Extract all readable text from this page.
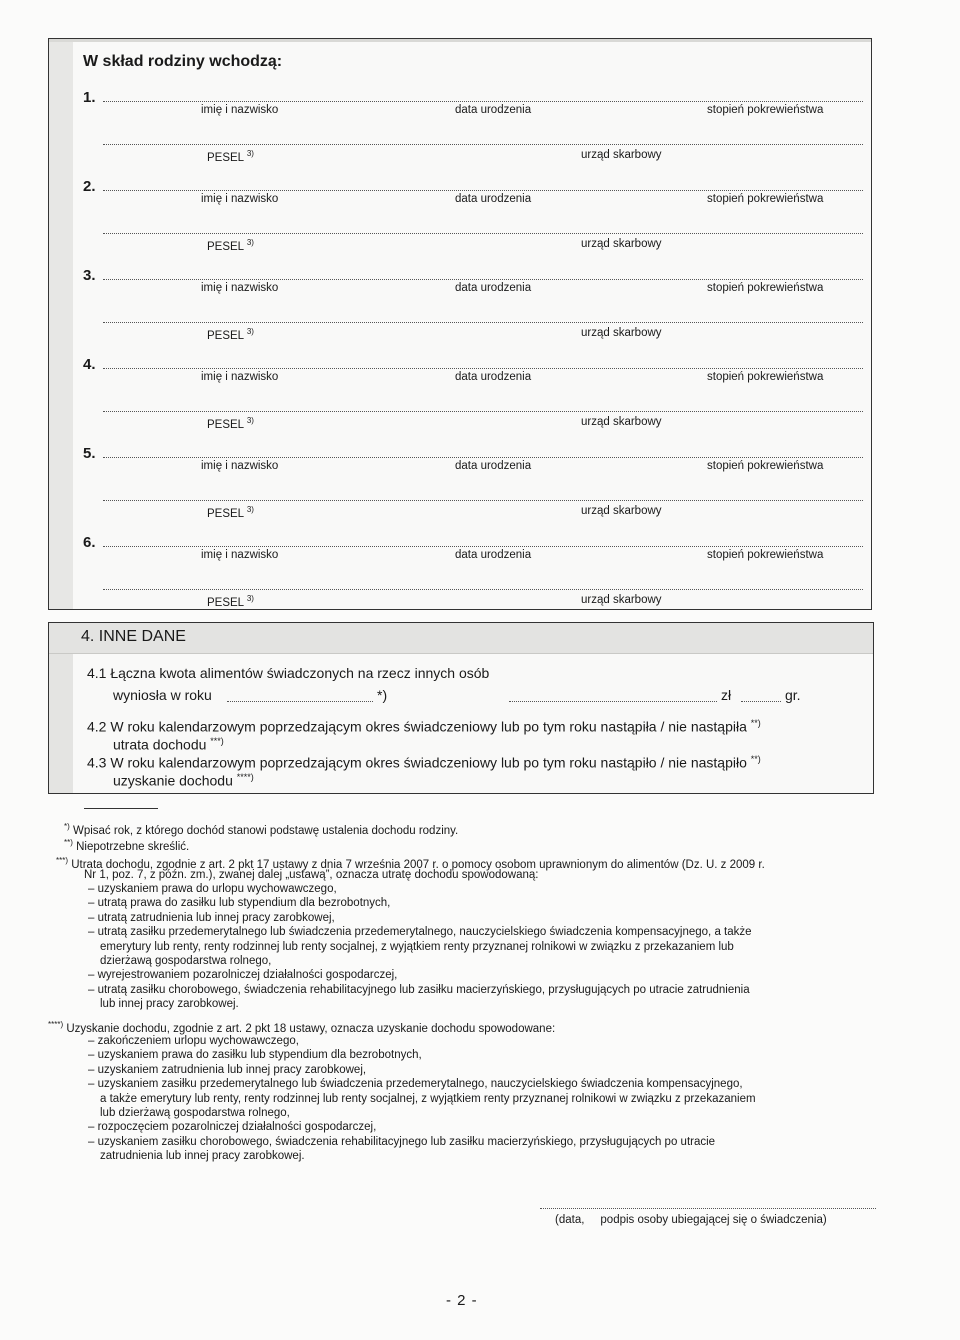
W skład rodziny wchodzą:
1.
imię i nazwisko	data urodzenia	stopień pokrewieństwa
PESEL $^{3)}$	urząd skarbowy
2.
imię i nazwisko	data urodzenia	stopień pokrewieństwa
PESEL $^{3)}$	urząd skarbowy
3.
imię i nazwisko	data urodzenia	stopień pokrewieństwa
PESEL $^{3)}$	urząd skarbowy
4.
imię i nazwisko	data urodzenia	stopień pokrewieństwa
PESEL $^{3)}$	urząd skarbowy
5.
imię i nazwisko	data urodzenia	stopień pokrewieństwa
PESEL $^{3)}$	urząd skarbowy
6.
imię i nazwisko	data urodzenia	stopień pokrewieństwa
PESEL $^{3)}$	urząd skarbowy
4. INNE DANE
4.1 Łączna kwota alimentów świadczonych na rzecz innych osób
wyniosła w roku	*)	zł	gr.
4.2 W roku kalendarzowym poprzedzającym okres świadczeniowy lub po tym roku nastąpiła / nie nastąpiła **)
utrata dochodu ***)
4.3 W roku kalendarzowym poprzedzającym okres świadczeniowy lub po tym roku nastąpiło / nie nastąpiło **)
uzyskanie dochodu ****)
*) Wpisać rok, z którego dochód stanowi podstawę ustalenia dochodu rodziny.
**) Niepotrzebne skreślić.
***) Utrata dochodu, zgodnie z art. 2 pkt 17 ustawy z dnia 7 września 2007 r. o pomocy osobom uprawnionym do alimentów (Dz. U. z 2009 r.
Nr 1, poz. 7, z późn. zm.), zwanej dalej „ustawą”, oznacza utratę dochodu spowodowaną:
– uzyskaniem prawa do urlopu wychowawczego,
– utratą prawa do zasiłku lub stypendium dla bezrobotnych,
– utratą zatrudnienia lub innej pracy zarobkowej,
– utratą zasiłku przedemerytalnego lub świadczenia przedemerytalnego, nauczycielskiego świadczenia kompensacyjnego, a także
emerytury lub renty, renty rodzinnej lub renty socjalnej, z wyjątkiem renty przyznanej rolnikowi w związku z przekazaniem lub
dzierżawą gospodarstwa rolnego,
– wyrejestrowaniem pozarolniczej działalności gospodarczej,
– utratą zasiłku chorobowego, świadczenia rehabilitacyjnego lub zasiłku macierzyńskiego, przysługujących po utracie zatrudnienia
lub innej pracy zarobkowej.
****) Uzyskanie dochodu, zgodnie z art. 2 pkt 18 ustawy, oznacza uzyskanie dochodu spowodowane:
– zakończeniem urlopu wychowawczego,
– uzyskaniem prawa do zasiłku lub stypendium dla bezrobotnych,
– uzyskaniem zatrudnienia lub innej pracy zarobkowej,
– uzyskaniem zasiłku przedemerytalnego lub świadczenia przedemerytalnego, nauczycielskiego świadczenia kompensacyjnego,
a także emerytury lub renty, renty rodzinnej lub renty socjalnej, z wyjątkiem renty przyznanej rolnikowi w związku z przekazaniem
lub dzierżawą gospodarstwa rolnego,
– rozpoczęciem pozarolniczej działalności gospodarczej,
– uzyskaniem zasiłku chorobowego, świadczenia rehabilitacyjnego lub zasiłku macierzyńskiego, przysługujących po utracie
zatrudnienia lub innej pracy zarobkowej.
(data, podpis osoby ubiegającej się o świadczenia)
- 2 -
